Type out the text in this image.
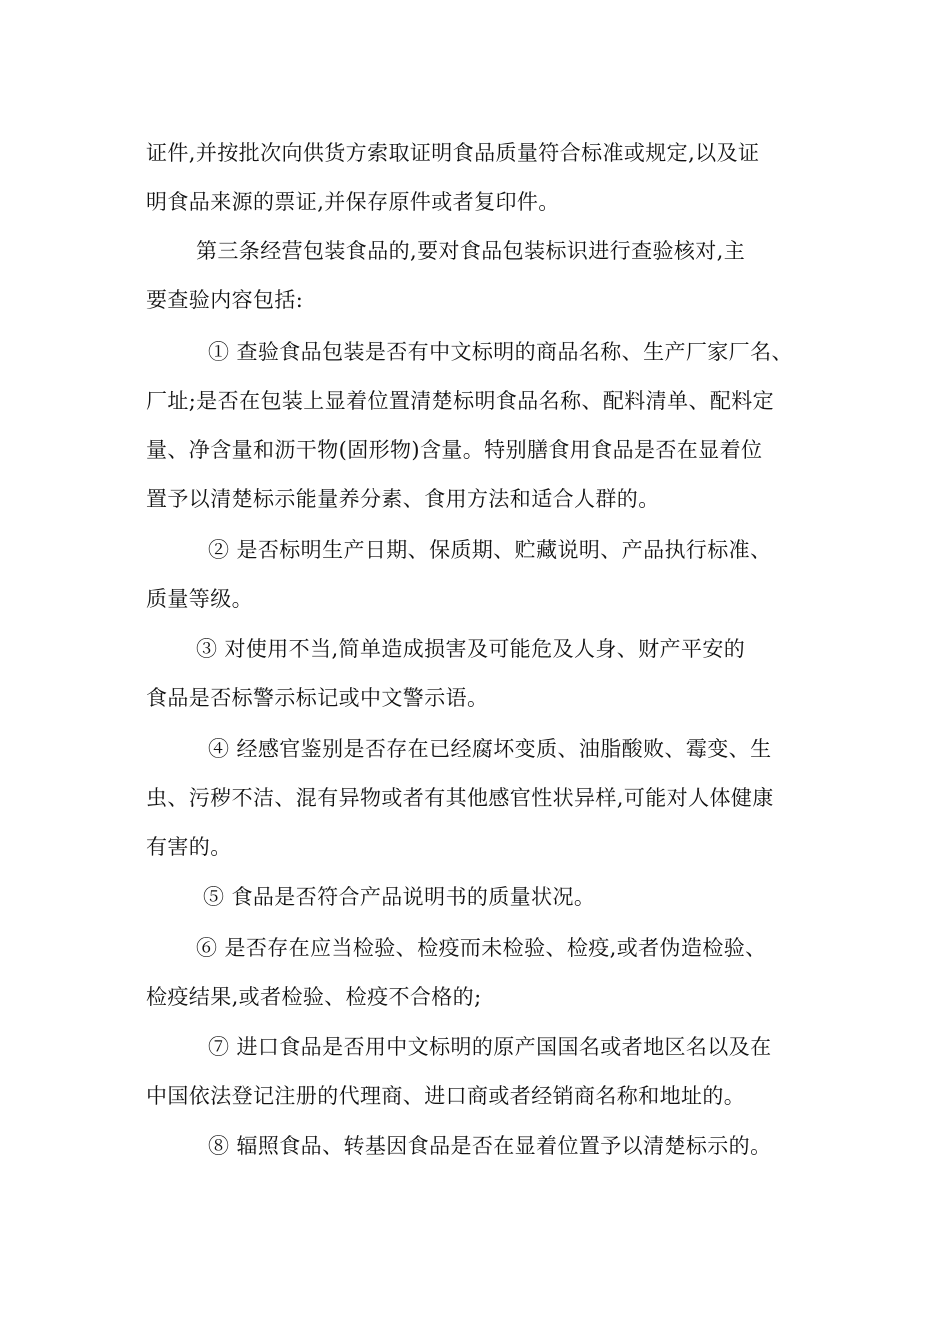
证件,并按批次向供货方索取证明食品质量符合标准或规定,以及证
明食品来源的票证,并保存原件或者复印件。
第三条经营包装食品的,要对食品包装标识进行查验核对,主
要查验内容包括:
① 查验食品包装是否有中文标明的商品名称、生产厂家厂名、
厂址;是否在包装上显着位置清楚标明食品名称、配料清单、配料定
量、净含量和沥干物(固形物)含量。特别膳食用食品是否在显着位
置予以清楚标示能量养分素、食用方法和适合人群的。
② 是否标明生产日期、保质期、贮藏说明、产品执行标准、
质量等级。
③ 对使用不当,简单造成损害及可能危及人身、财产平安的
食品是否标警示标记或中文警示语。
④ 经感官鉴别是否存在已经腐坏变质、油脂酸败、霉变、生
虫、污秽不洁、混有异物或者有其他感官性状异样,可能对人体健康
有害的。
⑤ 食品是否符合产品说明书的质量状况。
⑥ 是否存在应当检验、检疫而未检验、检疫,或者伪造检验、
检疫结果,或者检验、检疫不合格的;
⑦ 进口食品是否用中文标明的原产国国名或者地区名以及在
中国依法登记注册的代理商、进口商或者经销商名称和地址的。
⑧ 辐照食品、转基因食品是否在显着位置予以清楚标示的。
